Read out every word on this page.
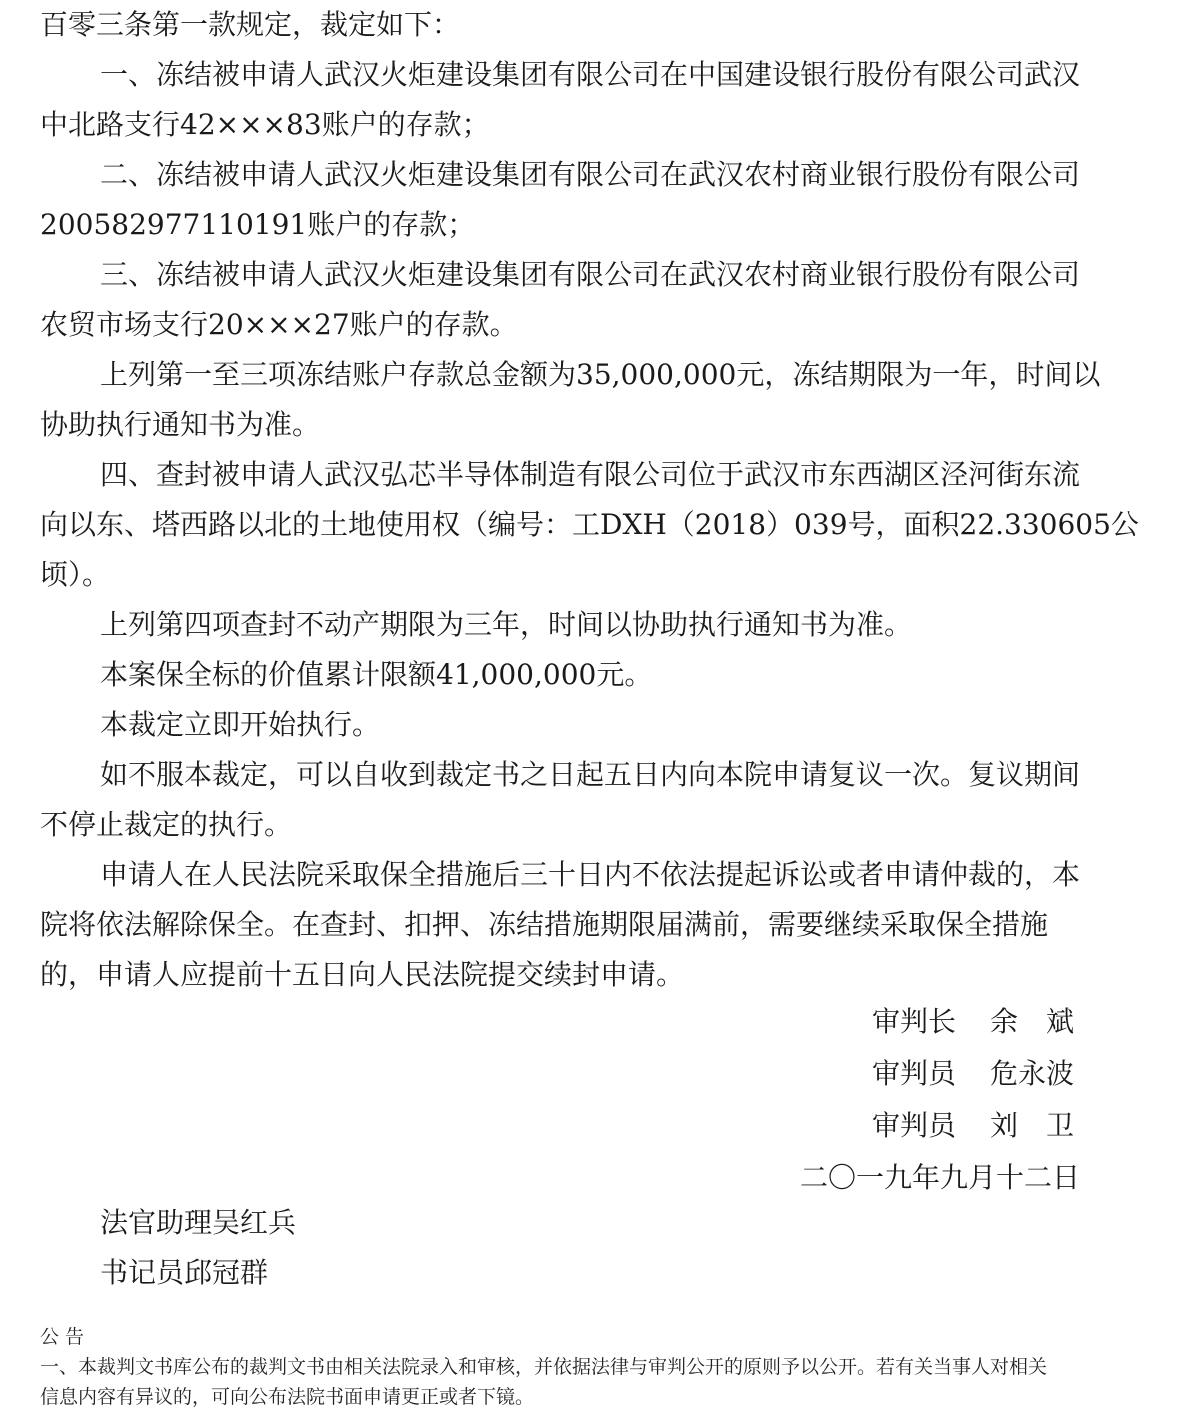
百零三条第一款规定，裁定如下：
一、冻结被申请人武汉火炬建设集团有限公司在中国建设银行股份有限公司武汉
中北路支行42×××83账户的存款；
二、冻结被申请人武汉火炬建设集团有限公司在武汉农村商业银行股份有限公司
200582977110191账户的存款；
三、冻结被申请人武汉火炬建设集团有限公司在武汉农村商业银行股份有限公司
农贸市场支行20×××27账户的存款。
上列第一至三项冻结账户存款总金额为35,000,000元，冻结期限为一年，时间以
协助执行通知书为准。
四、查封被申请人武汉弘芯半导体制造有限公司位于武汉市东西湖区泾河街东流
向以东、塔西路以北的土地使用权（编号：工DXH（2018）039号，面积22.330605公
顷）。
上列第四项查封不动产期限为三年，时间以协助执行通知书为准。
本案保全标的价值累计限额41,000,000元。
本裁定立即开始执行。
如不服本裁定，可以自收到裁定书之日起五日内向本院申请复议一次。复议期间
不停止裁定的执行。
申请人在人民法院采取保全措施后三十日内不依法提起诉讼或者申请仲裁的，本
院将依法解除保全。在查封、扣押、冻结措施期限届满前，需要继续采取保全措施
的，申请人应提前十五日向人民法院提交续封申请。
审判长	余　斌
审判员	危永波
审判员	刘　卫
二〇一九年九月十二日
法官助理吴红兵
书记员邱冠群
公 告
一、本裁判文书库公布的裁判文书由相关法院录入和审核，并依据法律与审判公开的原则予以公开。若有关当事人对相关
信息内容有异议的，可向公布法院书面申请更正或者下镜。
